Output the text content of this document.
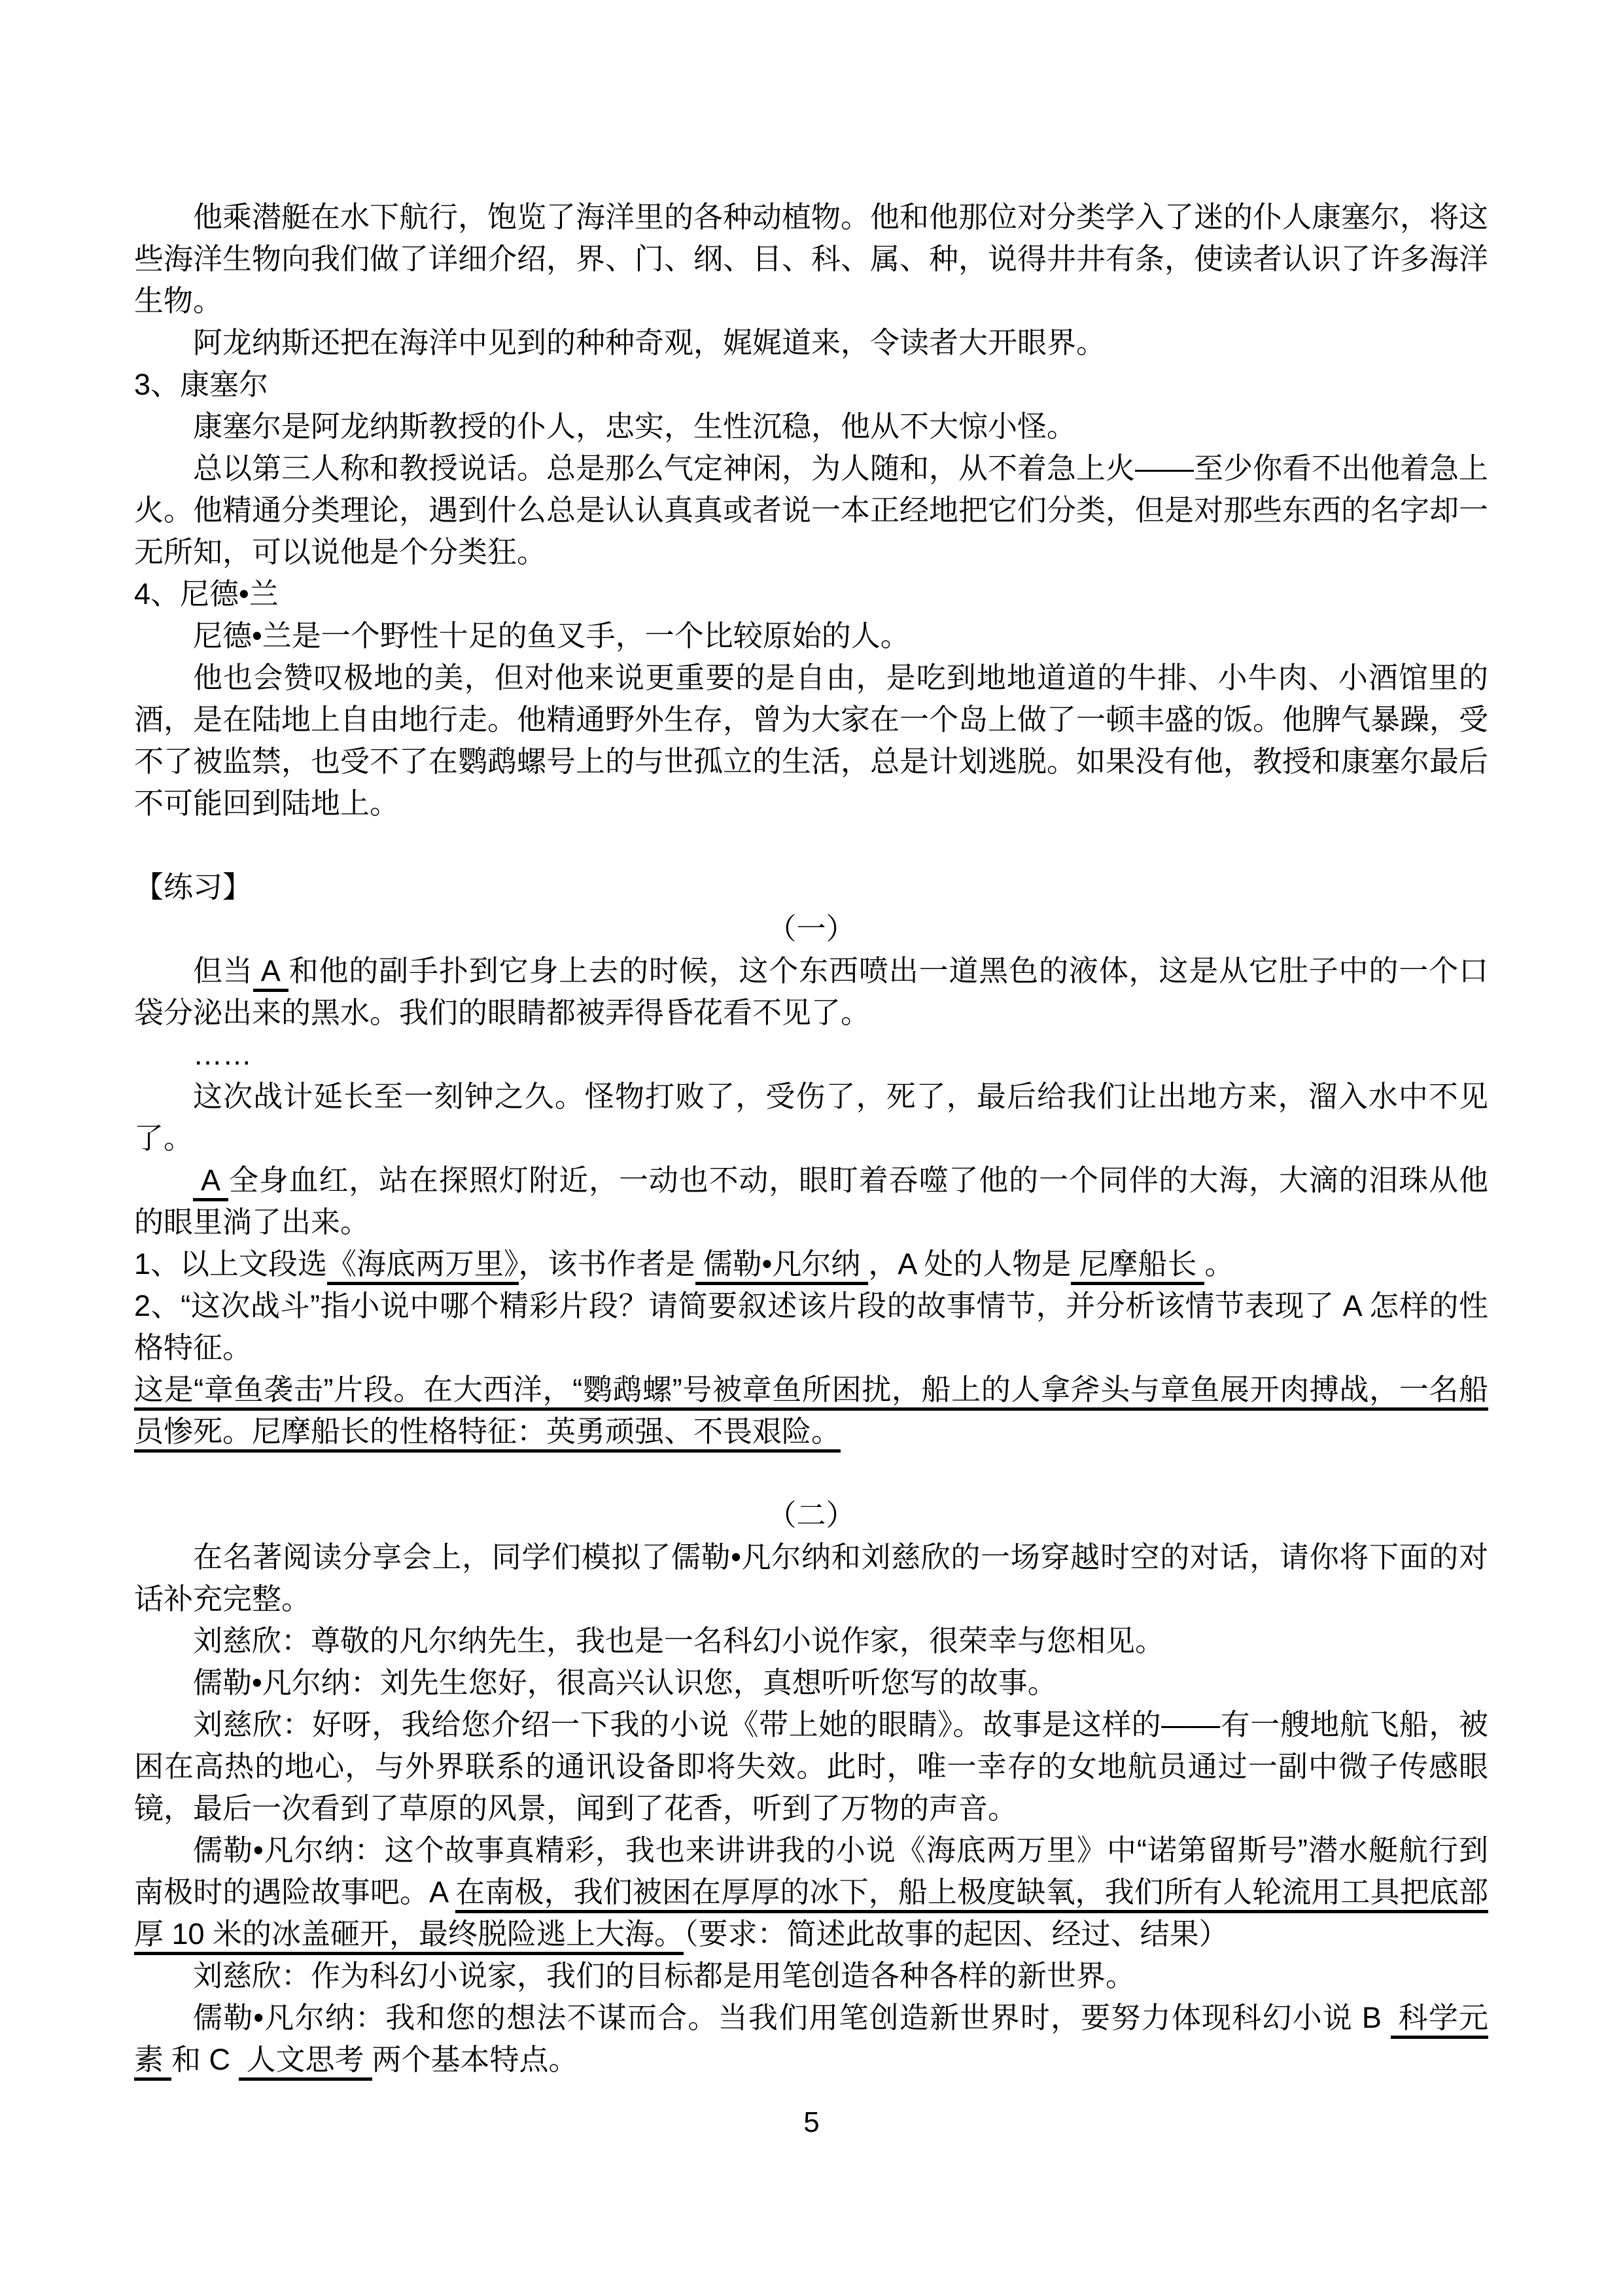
他乘潜艇在水下航行，饱览了海洋里的各种动植物。他和他那位对分类学入了迷的仆人康塞尔，将这些海洋生物向我们做了详细介绍，界、门、纲、目、科、属、种，说得井井有条，使读者认识了许多海洋生物。

阿龙纳斯还把在海洋中见到的种种奇观，娓娓道来，令读者大开眼界。

3、康塞尔

康塞尔是阿龙纳斯教授的仆人，忠实，生性沉稳，他从不大惊小怪。

总以第三人称和教授说话。总是那么气定神闲，为人随和，从不着急上火——至少你看不出他着急上火。他精通分类理论，遇到什么总是认认真真或者说一本正经地把它们分类，但是对那些东西的名字却一无所知，可以说他是个分类狂。

4、尼德•兰

尼德•兰是一个野性十足的鱼叉手，一个比较原始的人。

他也会赞叹极地的美，但对他来说更重要的是自由，是吃到地地道道的牛排、小牛肉、小酒馆里的酒，是在陆地上自由地行走。他精通野外生存，曾为大家在一个岛上做了一顿丰盛的饭。他脾气暴躁，受不了被监禁，也受不了在鹦鹉螺号上的与世孤立的生活，总是计划逃脱。如果没有他，教授和康塞尔最后不可能回到陆地上。

【练习】

（一）

但当 A 和他的副手扑到它身上去的时候，这个东西喷出一道黑色的液体，这是从它肚子中的一个口袋分泌出来的黑水。我们的眼睛都被弄得昏花看不见了。

……

这次战计延长至一刻钟之久。怪物打败了，受伤了，死了，最后给我们让出地方来，溜入水中不见了。

A 全身血红，站在探照灯附近，一动也不动，眼盯着吞噬了他的一个同伴的大海，大滴的泪珠从他的眼里淌了出来。

1、以上文段选《海底两万里》，该书作者是 儒勒•凡尔纳 ，A 处的人物是 尼摩船长 。

2、“这次战斗”指小说中哪个精彩片段？请简要叙述该片段的故事情节，并分析该情节表现了 A 怎样的性格特征。

这是“章鱼袭击”片段。在大西洋，“鹦鹉螺”号被章鱼所困扰，船上的人拿斧头与章鱼展开肉搏战，一名船员惨死。尼摩船长的性格特征：英勇顽强、不畏艰险。

（二）

在名著阅读分享会上，同学们模拟了儒勒•凡尔纳和刘慈欣的一场穿越时空的对话，请你将下面的对话补充完整。

刘慈欣：尊敬的凡尔纳先生，我也是一名科幻小说作家，很荣幸与您相见。

儒勒•凡尔纳：刘先生您好，很高兴认识您，真想听听您写的故事。

刘慈欣：好呀，我给您介绍一下我的小说《带上她的眼睛》。故事是这样的——有一艘地航飞船，被困在高热的地心，与外界联系的通讯设备即将失效。此时，唯一幸存的女地航员通过一副中微子传感眼镜，最后一次看到了草原的风景，闻到了花香，听到了万物的声音。

儒勒•凡尔纳：这个故事真精彩，我也来讲讲我的小说《海底两万里》中“诺第留斯号”潜水艇航行到南极时的遇险故事吧。A 在南极，我们被困在厚厚的冰下，船上极度缺氧，我们所有人轮流用工具把底部厚 10 米的冰盖砸开，最终脱险逃上大海。（要求：简述此故事的起因、经过、结果）

刘慈欣：作为科幻小说家，我们的目标都是用笔创造各种各样的新世界。

儒勒•凡尔纳：我和您的想法不谋而合。当我们用笔创造新世界时，要努力体现科幻小说 B 科学元素 和 C 人文思考 两个基本特点。

5
